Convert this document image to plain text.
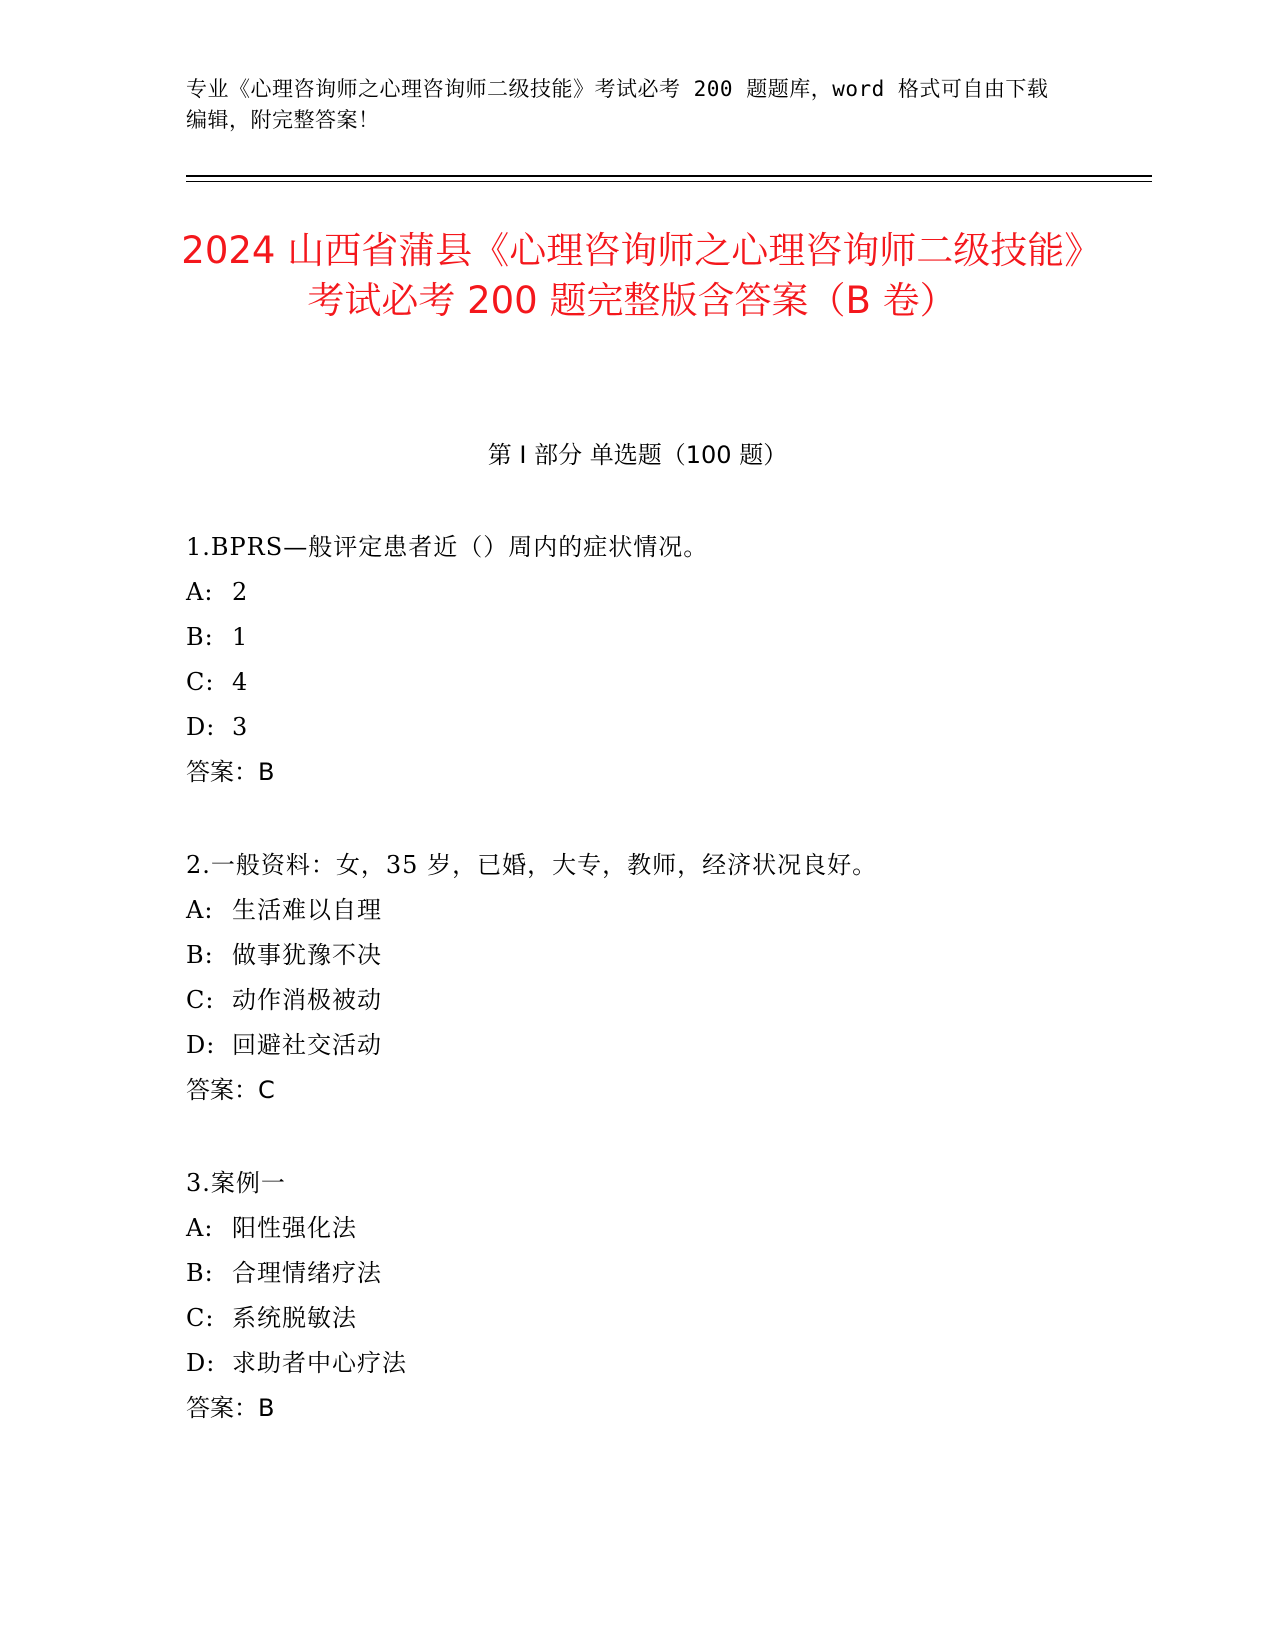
专业《心理咨询师之心理咨询师二级技能》考试必考 200 题题库，word 格式可自由下载编辑，附完整答案！
2024 山西省蒲县《心理咨询师之心理咨询师二级技能》考试必考 200 题完整版含答案（B 卷）
第 I 部分 单选题（100 题）
1.BPRS—般评定患者近（）周内的症状情况。
A: 2
B: 1
C: 4
D: 3
答案：B
2.一般资料：女，35 岁，已婚，大专，教师，经济状况良好。
A: 生活难以自理
B: 做事犹豫不决
C: 动作消极被动
D: 回避社交活动
答案：C
3.案例一
A: 阳性强化法
B: 合理情绪疗法
C: 系统脱敏法
D: 求助者中心疗法
答案：B
